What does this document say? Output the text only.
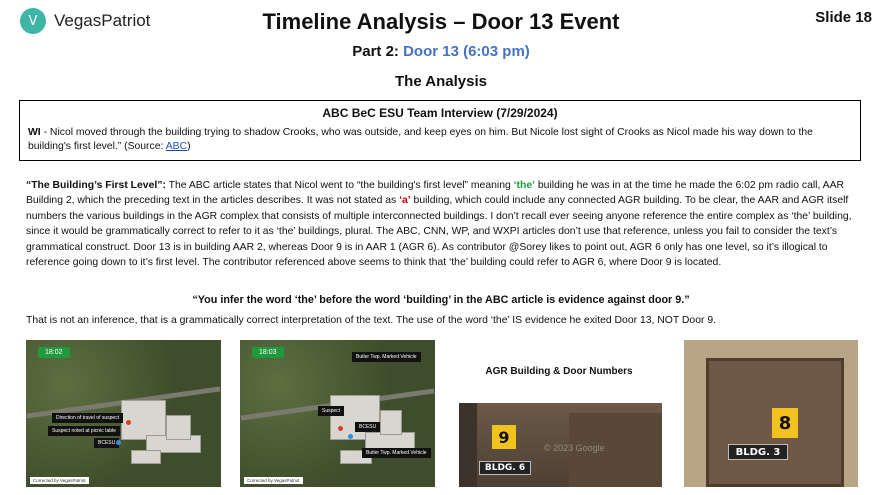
V VegasPatriot	Timeline Analysis – Door 13 Event	Slide 18
Part 2: Door 13 (6:03 pm)
The Analysis
ABC BeC ESU Team Interview (7/29/2024)
WI - Nicol moved through the building trying to shadow Crooks, who was outside, and keep eyes on him. But Nicole lost sight of Crooks as Nicol made his way down to the building's first level.” (Source: ABC)
“The Building’s First Level”: The ABC article states that Nicol went to “the building's first level” meaning ‘the’ building he was in at the time he made the 6:02 pm radio call, AAR Building 2, which the preceding text in the articles describes. It was not stated as ‘a’ building, which could include any connected AGR building. To be clear, the AAR and AGR itself numbers the various buildings in the AGR complex that consists of multiple interconnected buildings. I don’t recall ever seeing anyone reference the entire complex as ‘the’ building, since it would be grammatically correct to refer to it as ‘the’ buildings, plural. The ABC, CNN, WP, and WXPI articles don’t use that reference, unless you fail to consider the text’s grammatical construct. Door 13 is in building AAR 2, whereas Door 9 is in AAR 1 (AGR 6). As contributor @Sorey likes to point out, AGR 6 only has one level, so it’s illogical to reference going down to it’s first level. The contributor referenced above seems to think that ‘the’ building could refer to AGR 6, where Door 9 is located.
“You infer the word ‘the’ before the word ‘building’ in the ABC article is evidence against door 9.”
That is not an inference, that is a grammatically correct interpretation of the text. The use of the word ‘the’ IS evidence he exited Door 13, NOT Door 9.
18:02
Direction of travel of suspect
Suspect noted at picnic table
BCESU
Corrected by VegasPatriot
18:03
Butler Twp. Marked Vehicle
Suspect
BCESU
Butler Twp. Marked Vehicle
Corrected by VegasPatriot
AGR Building & Door Numbers
9
BLDG. 6
© 2023 Google
8
BLDG. 3
